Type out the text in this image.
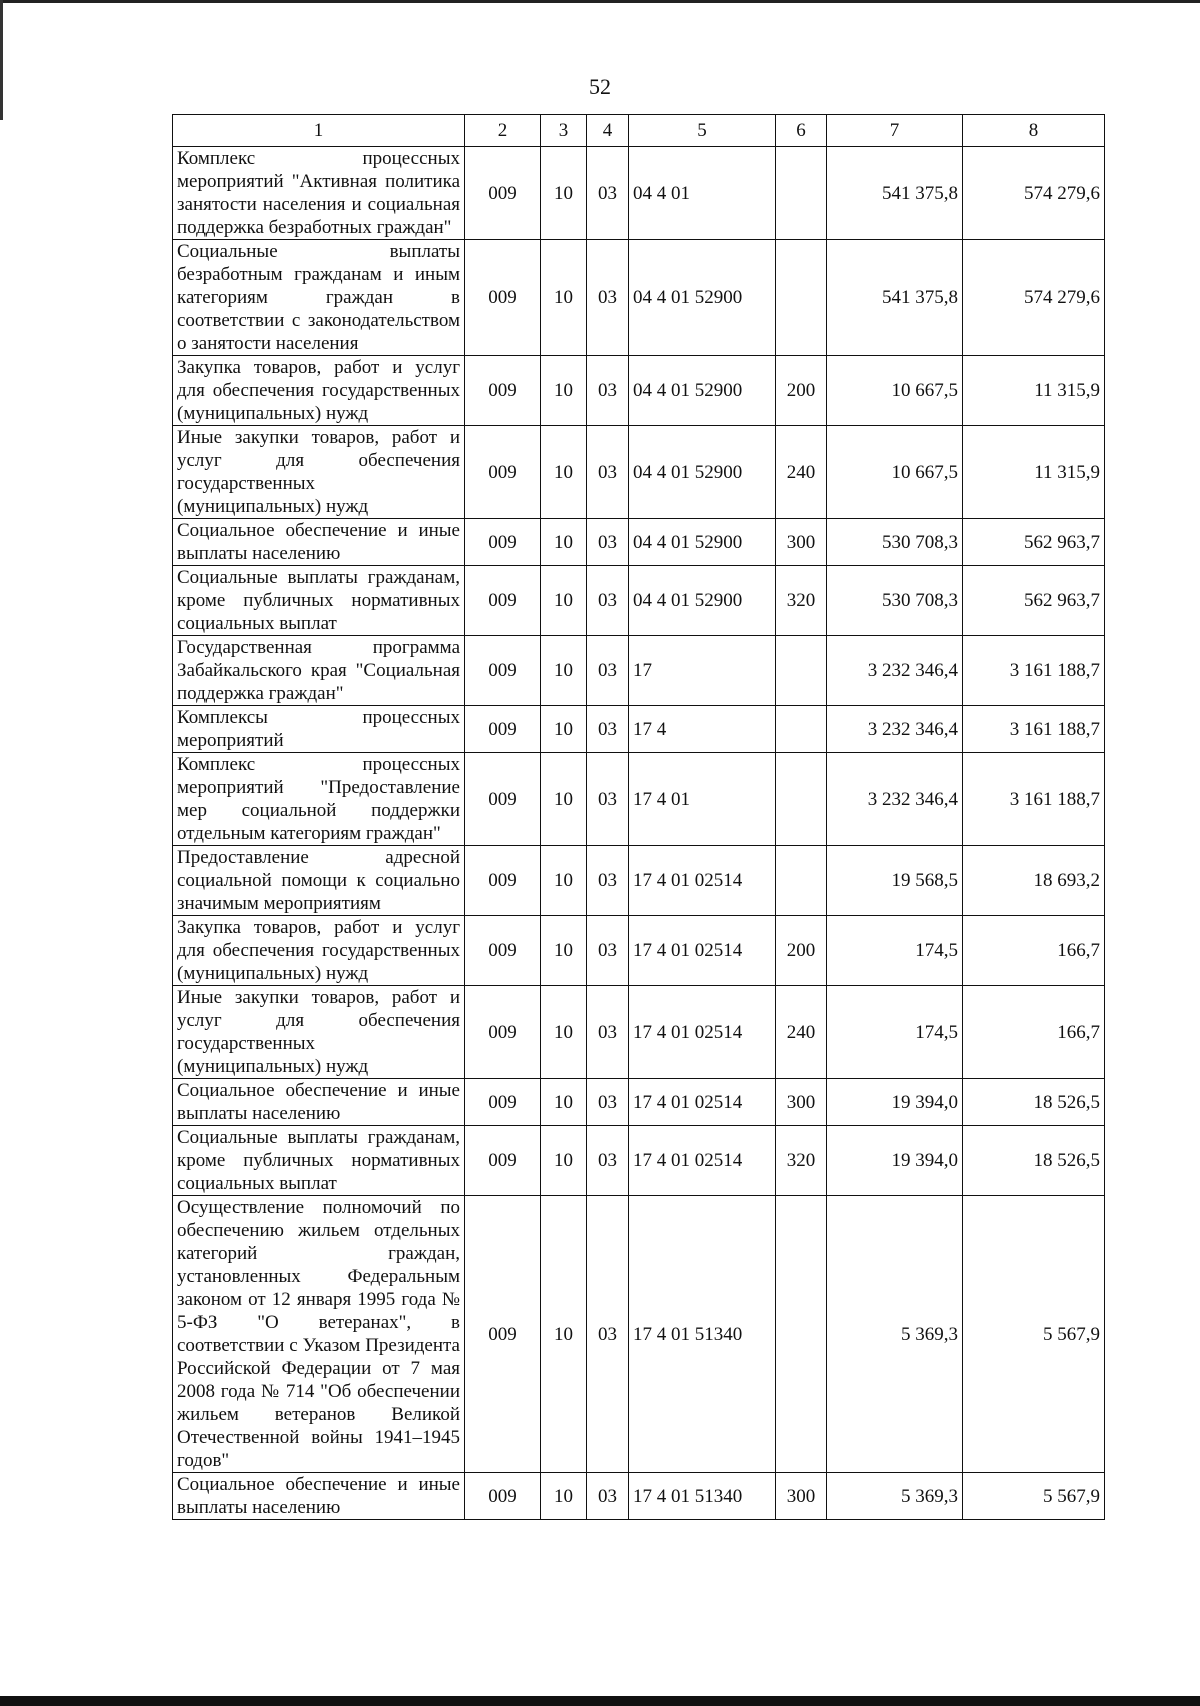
52
1	2	3	4	5	6	7	8
Комплекс процессных мероприятий "Активная политика занятости населения и социальная поддержка безработных граждан"	009	10	03	04 4 01		541 375,8	574 279,6
Социальные выплаты безработным гражданам и иным категориям граждан в соответствии с законодательством о занятости населения	009	10	03	04 4 01 52900		541 375,8	574 279,6
Закупка товаров, работ и услуг для обеспечения государственных (муниципальных) нужд	009	10	03	04 4 01 52900	200	10 667,5	11 315,9
Иные закупки товаров, работ и услуг для обеспечения государственных (муниципальных) нужд	009	10	03	04 4 01 52900	240	10 667,5	11 315,9
Социальное обеспечение и иные выплаты населению	009	10	03	04 4 01 52900	300	530 708,3	562 963,7
Социальные выплаты гражданам, кроме публичных нормативных социальных выплат	009	10	03	04 4 01 52900	320	530 708,3	562 963,7
Государственная программа Забайкальского края "Социальная поддержка граждан"	009	10	03	17		3 232 346,4	3 161 188,7
Комплексы процессных мероприятий	009	10	03	17 4		3 232 346,4	3 161 188,7
Комплекс процессных мероприятий "Предоставление мер социальной поддержки отдельным категориям граждан"	009	10	03	17 4 01		3 232 346,4	3 161 188,7
Предоставление адресной социальной помощи к социально значимым мероприятиям	009	10	03	17 4 01 02514		19 568,5	18 693,2
Закупка товаров, работ и услуг для обеспечения государственных (муниципальных) нужд	009	10	03	17 4 01 02514	200	174,5	166,7
Иные закупки товаров, работ и услуг для обеспечения государственных (муниципальных) нужд	009	10	03	17 4 01 02514	240	174,5	166,7
Социальное обеспечение и иные выплаты населению	009	10	03	17 4 01 02514	300	19 394,0	18 526,5
Социальные выплаты гражданам, кроме публичных нормативных социальных выплат	009	10	03	17 4 01 02514	320	19 394,0	18 526,5
Осуществление полномочий по обеспечению жильем отдельных категорий граждан, установленных Федеральным законом от 12 января 1995 года № 5-ФЗ "О ветеранах", в соответствии с Указом Президента Российской Федерации от 7 мая 2008 года № 714 "Об обеспечении жильем ветеранов Великой Отечественной войны 1941–1945 годов"	009	10	03	17 4 01 51340		5 369,3	5 567,9
Социальное обеспечение и иные выплаты населению	009	10	03	17 4 01 51340	300	5 369,3	5 567,9
